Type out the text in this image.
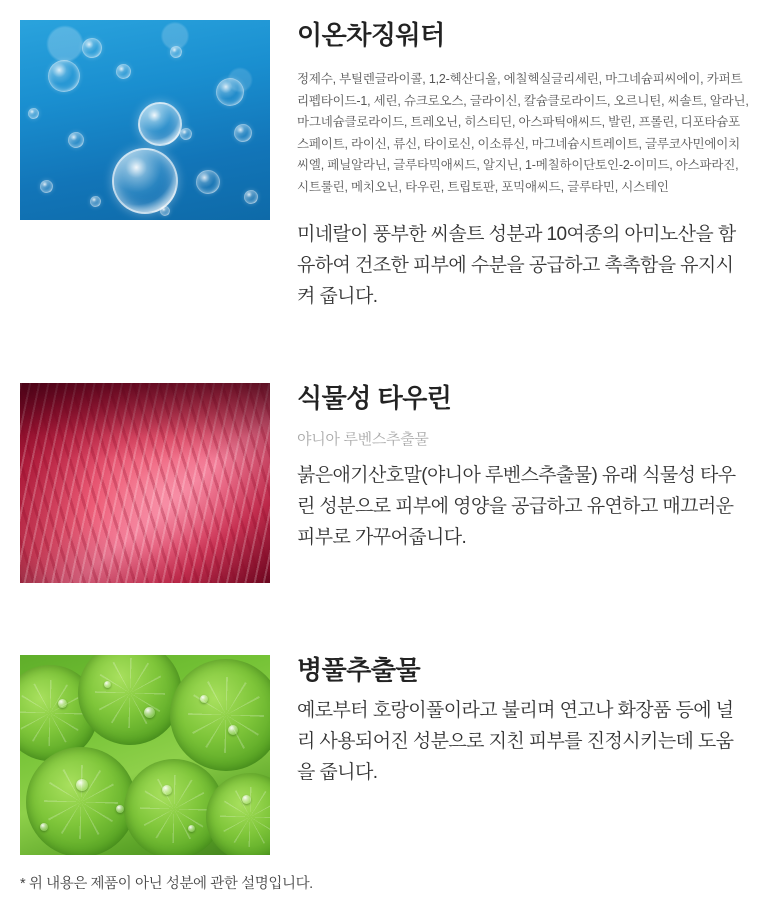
이온차징워터
정제수, 부틸렌글라이콜, 1,2-헥산디올, 에칠헥실글리세린, 마그네슘피씨에이, 카퍼트리펩타이드-1, 세린, 슈크로오스, 글라이신, 칼슘클로라이드, 오르니틴, 씨솔트, 알라닌, 마그네슘클로라이드, 트레오닌, 히스티딘, 아스파틱애씨드, 발린, 프롤린, 디포타슘포스페이트, 라이신, 류신, 타이로신, 이소류신, 마그네슘시트레이트, 글루코사민에이치씨엘, 페닐알라닌, 글루타믹애씨드, 알지닌, 1-메칠하이단토인-2-이미드, 아스파라진, 시트룰린, 메치오닌, 타우린, 트립토판, 포믹애씨드, 글루타민, 시스테인
미네랄이 풍부한 씨솔트 성분과 10여종의 아미노산을 함유하여 건조한 피부에 수분을 공급하고 촉촉함을 유지시켜 줍니다.
식물성 타우린
야니아 루벤스추출물
붉은애기산호말(야니아 루벤스추출물) 유래 식물성 타우린 성분으로 피부에 영양을 공급하고 유연하고 매끄러운 피부로 가꾸어줍니다.
병풀추출물
예로부터 호랑이풀이라고 불리며 연고나 화장품 등에 널리 사용되어진 성분으로 지친 피부를 진정시키는데 도움을 줍니다.
* 위 내용은 제품이 아닌 성분에 관한 설명입니다.
